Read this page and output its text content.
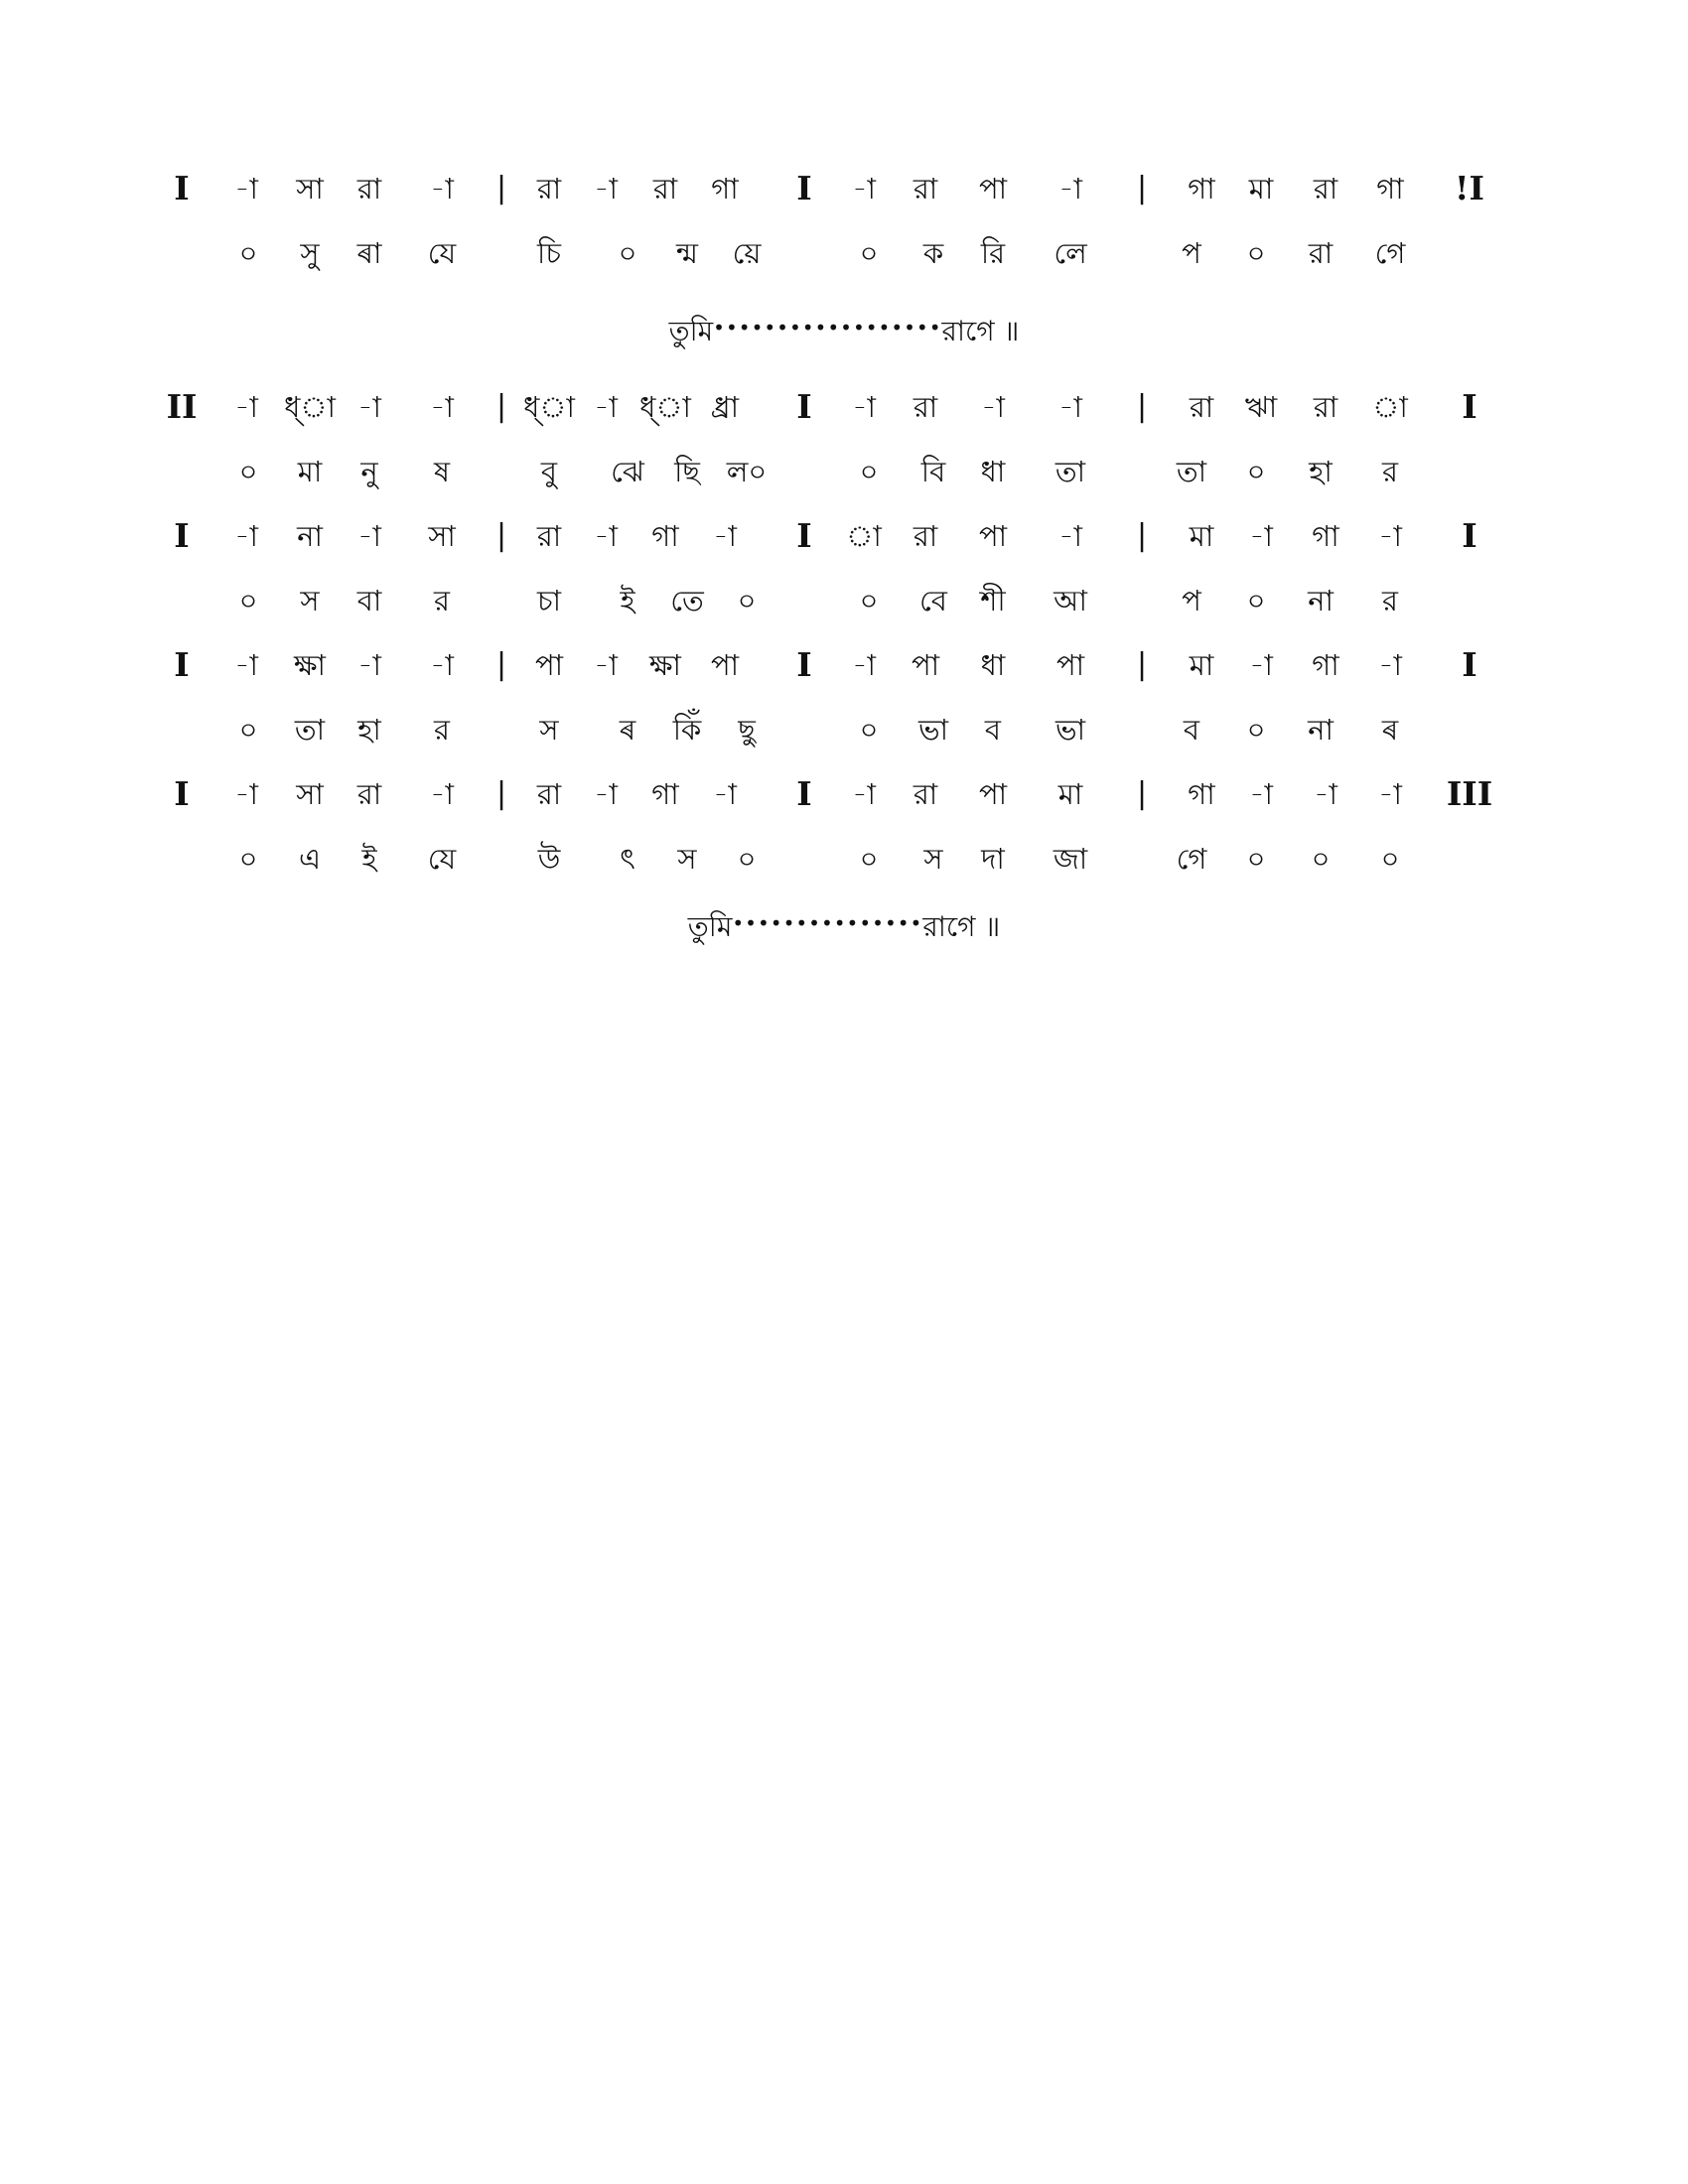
I -া সা রা -া | রা -া রা গা I -া রা পা -া | গা মা রা গা !I
০ সু ৰা যে	চি ০ ন্ম য়ে	০ ক রি লে	প ০ রা গে
II -া ধ্া -া -া | ধ্া -া ধ্া ধ্রা I -া রা -া -া | রা ঋা রা া I
০ মা নু ষ	বু ঝে ছি ল০	০ বি ধা তা	তা ০ হা র
I -া না -া সা | রা -া গা -া I া রা পা -া | মা -া গা -া I
০ স বা র	চা ই তে ০	০ বে শী আ	প ০ না র
I -া ক্ষা -া -া | পা -া ক্ষা পা I -া পা ধা পা | মা -া গা -া I
০ তা হা র	স ৰ কিঁ ছু	০ ভা ব ভা	ব ০ না ৰ
I -া সা রা -া | রা -া গা -া I -া রা পা মা | গা -া -া -া III
০ এ ই যে	উ ৎ স ০	০ স দা জা	গে ০ ০ ০
তুমি••••••••••••••••••রাগে ॥
তুমি•••••••••••••••রাগে ॥
